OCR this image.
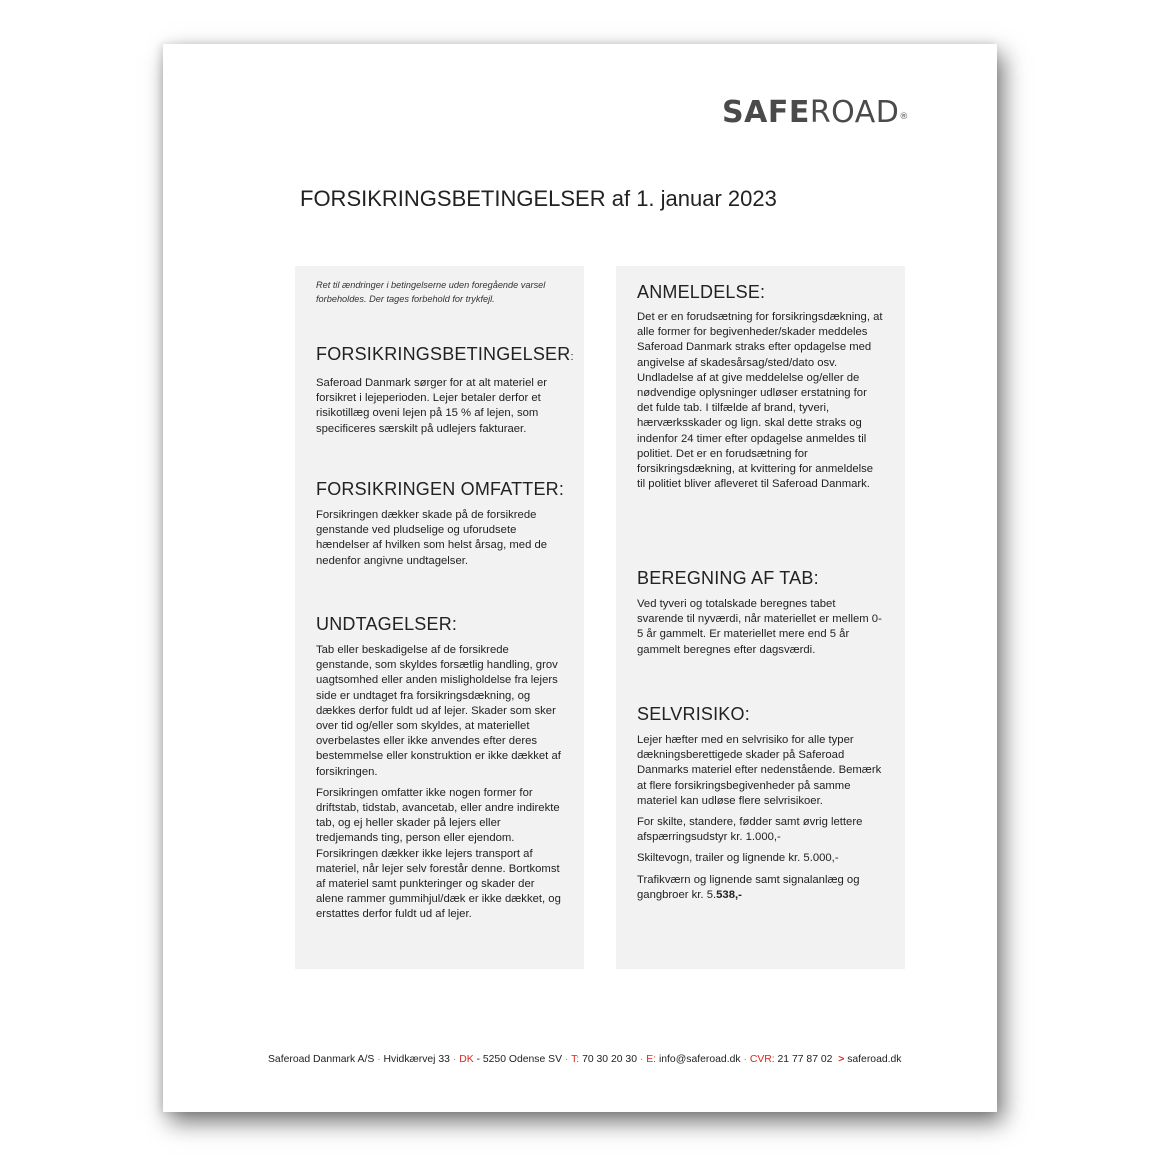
SAFEROAD®
FORSIKRINGSBETINGELSER af 1. januar 2023
Ret til ændringer i betingelserne uden foregående varsel forbeholdes. Der tages forbehold for trykfejl.
FORSIKRINGSBETINGELSER:

Saferoad Danmark sørger for at alt materiel er forsikret i lejeperioden. Lejer betaler derfor et risikotillæg oveni lejen på 15 % af lejen, som specificeres særskilt på udlejers fakturaer.

FORSIKRINGEN OMFATTER:

Forsikringen dækker skade på de forsikrede genstande ved pludselige og uforudsete hændelser af hvilken som helst årsag, med de nedenfor angivne undtagelser.

UNDTAGELSER:

Tab eller beskadigelse af de forsikrede genstande, som skyldes forsætlig handling, grov uagtsomhed eller anden misligholdelse fra lejers side er undtaget fra forsikringsdækning, og dækkes derfor fuldt ud af lejer. Skader som sker over tid og/eller som skyldes, at materiellet overbelastes eller ikke anvendes efter deres bestemmelse eller konstruktion er ikke dækket af forsikringen.

Forsikringen omfatter ikke nogen former for driftstab, tidstab, avancetab, eller andre indirekte tab, og ej heller skader på lejers eller tredjemands ting, person eller ejendom. Forsikringen dækker ikke lejers transport af materiel, når lejer selv forestår denne. Bortkomst af materiel samt punkteringer og skader der alene rammer gummihjul/dæk er ikke dækket, og erstattes derfor fuldt ud af lejer.

ANMELDELSE:

Det er en forudsætning for forsikringsdækning, at alle former for begivenheder/skader meddeles Saferoad Danmark straks efter opdagelse med angivelse af skadesårsag/sted/dato osv. Undladelse af at give meddelelse og/eller de nødvendige oplysninger udløser erstatning for det fulde tab. I tilfælde af brand, tyveri, hærværksskader og lign. skal dette straks og indenfor 24 timer efter opdagelse anmeldes til politiet. Det er en forudsætning for forsikringsdækning, at kvittering for anmeldelse til politiet bliver afleveret til Saferoad Danmark.

BEREGNING AF TAB:

Ved tyveri og totalskade beregnes tabet svarende til nyværdi, når materiellet er mellem 0-5 år gammelt. Er materiellet mere end 5 år gammelt beregnes efter dagsværdi.

SELVRISIKO:

Lejer hæfter med en selvrisiko for alle typer dækningsberettigede skader på Saferoad Danmarks materiel efter nedenstående. Bemærk at flere forsikringsbegivenheder på samme materiel kan udløse flere selvrisikoer.

For skilte, standere, fødder samt øvrig lettere afspærringsudstyr kr. 1.000,-

Skiltevogn, trailer og lignende kr. 5.000,-

Trafikværn og lignende samt signalanlæg og gangbroer kr. 5.538,-

Saferoad Danmark A/S · Hvidkærvej 33 · DK - 5250 Odense SV · T: 70 30 20 30 · E: info@saferoad.dk · CVR: 21 77 87 02  > saferoad.dk
